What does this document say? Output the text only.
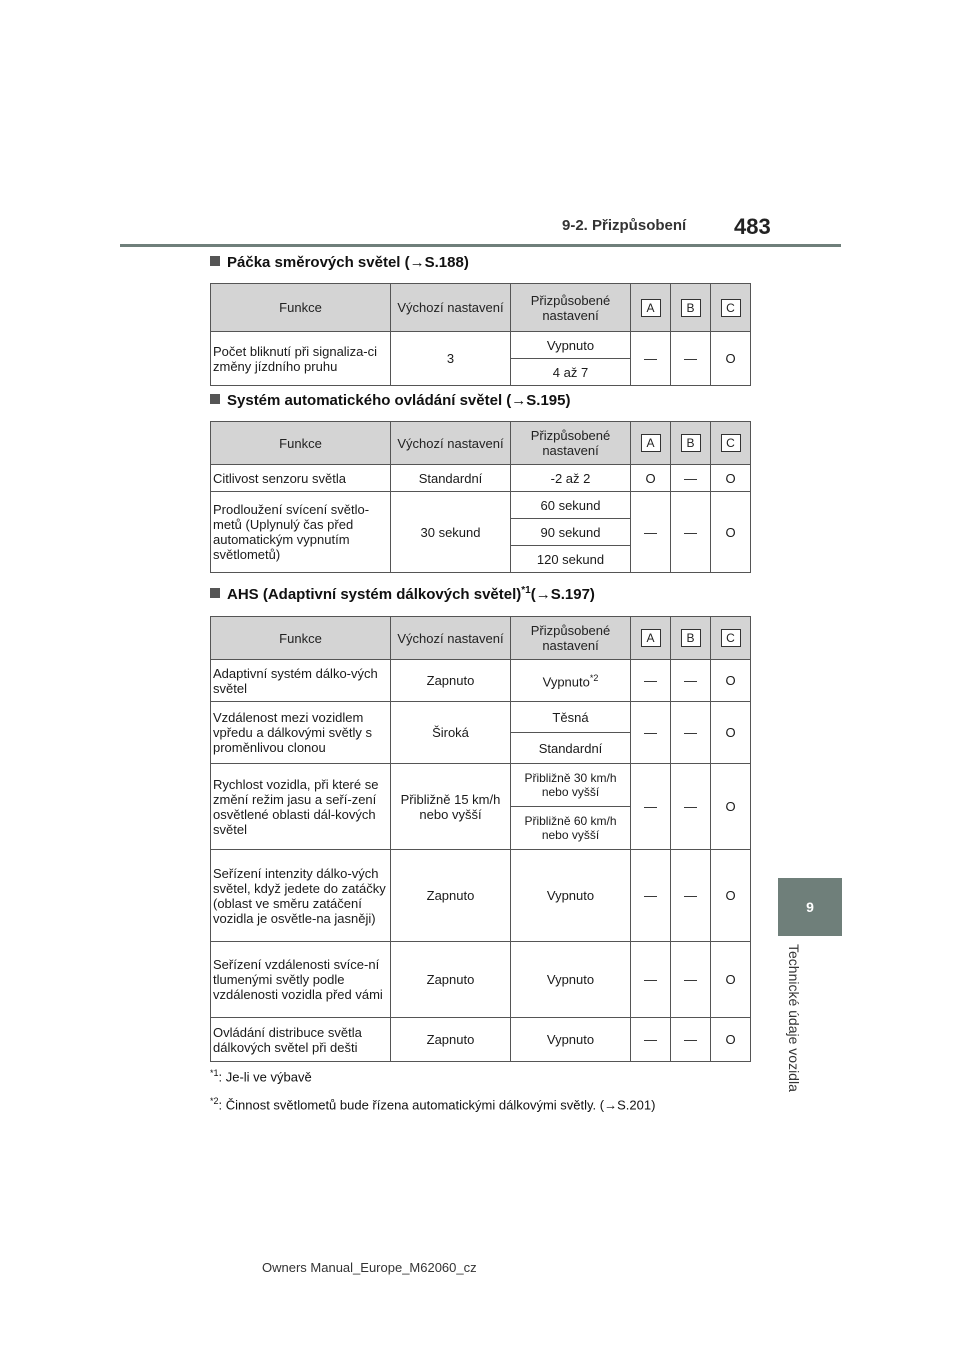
9-2. Přizpůsobení 483
9
Technické údaje vozidla
Páčka směrových světel (→S.188)
Funkce	Výchozí nastavení	Přizpůsobené nastavení	A	B	C
Počet bliknutí při signaliza-ci změny jízdního pruhu	3	Vypnuto	—	—	O
		4 až 7			
Systém automatického ovládání světel (→S.195)
Funkce	Výchozí nastavení	Přizpůsobené nastavení	A	B	C
Citlivost senzoru světla	Standardní	-2 až 2	O	—	O
Prodloužení svícení světlo-metů (Uplynulý čas před automatickým vypnutím světlometů)	30 sekund	60 sekund	—	—	O
		90 sekund			
		120 sekund			
AHS (Adaptivní systém dálkových světel)$^{*1}$(→S.197)
Funkce	Výchozí nastavení	Přizpůsobené nastavení	A	B	C
Adaptivní systém dálko-vých světel	Zapnuto	Vypnuto$^{*2}$	—	—	O
Vzdálenost mezi vozidlem vpředu a dálkovými světly s proměnlivou clonou	Široká	Těsná	—	—	O
		Standardní			
Rychlost vozidla, při které se změní režim jasu a seří-zení osvětlené oblasti dál-kových světel	Přibližně 15 km/h nebo vyšší	Přibližně 30 km/h nebo vyšší	—	—	O
		Přibližně 60 km/h nebo vyšší			
Seřízení intenzity dálko-vých světel, když jedete do zatáčky (oblast ve směru zatáčení vozidla je osvětle-na jasněji)	Zapnuto	Vypnuto	—	—	O
Seřízení vzdálenosti svíce-ní tlumenými světly podle vzdálenosti vozidla před vámi	Zapnuto	Vypnuto	—	—	O
Ovládání distribuce světla dálkových světel při dešti	Zapnuto	Vypnuto	—	—	O
$^{*1}$: Je-li ve výbavě
$^{*2}$: Činnost světlometů bude řízena automatickými dálkovými světly. (→S.201)
Owners Manual_Europe_M62060_cz
